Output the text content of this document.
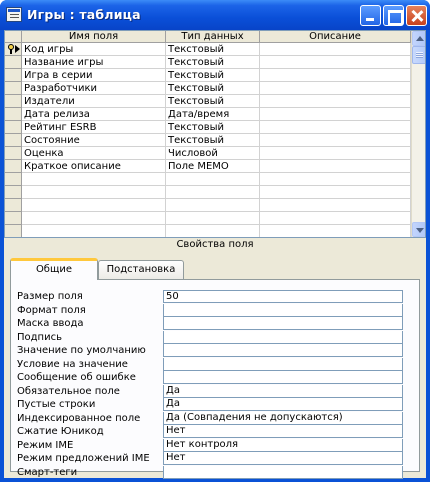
Игры : таблица
Имя поля	Тип данных	Описание
Код игры	Текстовый
Название игры	Текстовый
Игра в серии	Текстовый
Разработчики	Текстовый
Издатели	Текстовый
Дата релиза	Дата/время
Рейтинг ESRB	Текстовый
Состояние	Текстовый
Оценка	Числовой
Краткое описание	Поле MEMO
Свойства поля
Общие	Подстановка
Размер поля	50
Формат поля
Маска ввода
Подпись
Значение по умолчанию
Условие на значение
Сообщение об ошибке
Обязательное поле	Да
Пустые строки	Да
Индексированное поле	Да (Совпадения не допускаются)
Сжатие Юникод	Нет
Режим IME	Нет контроля
Режим предложений IME	Нет
Смарт-теги
